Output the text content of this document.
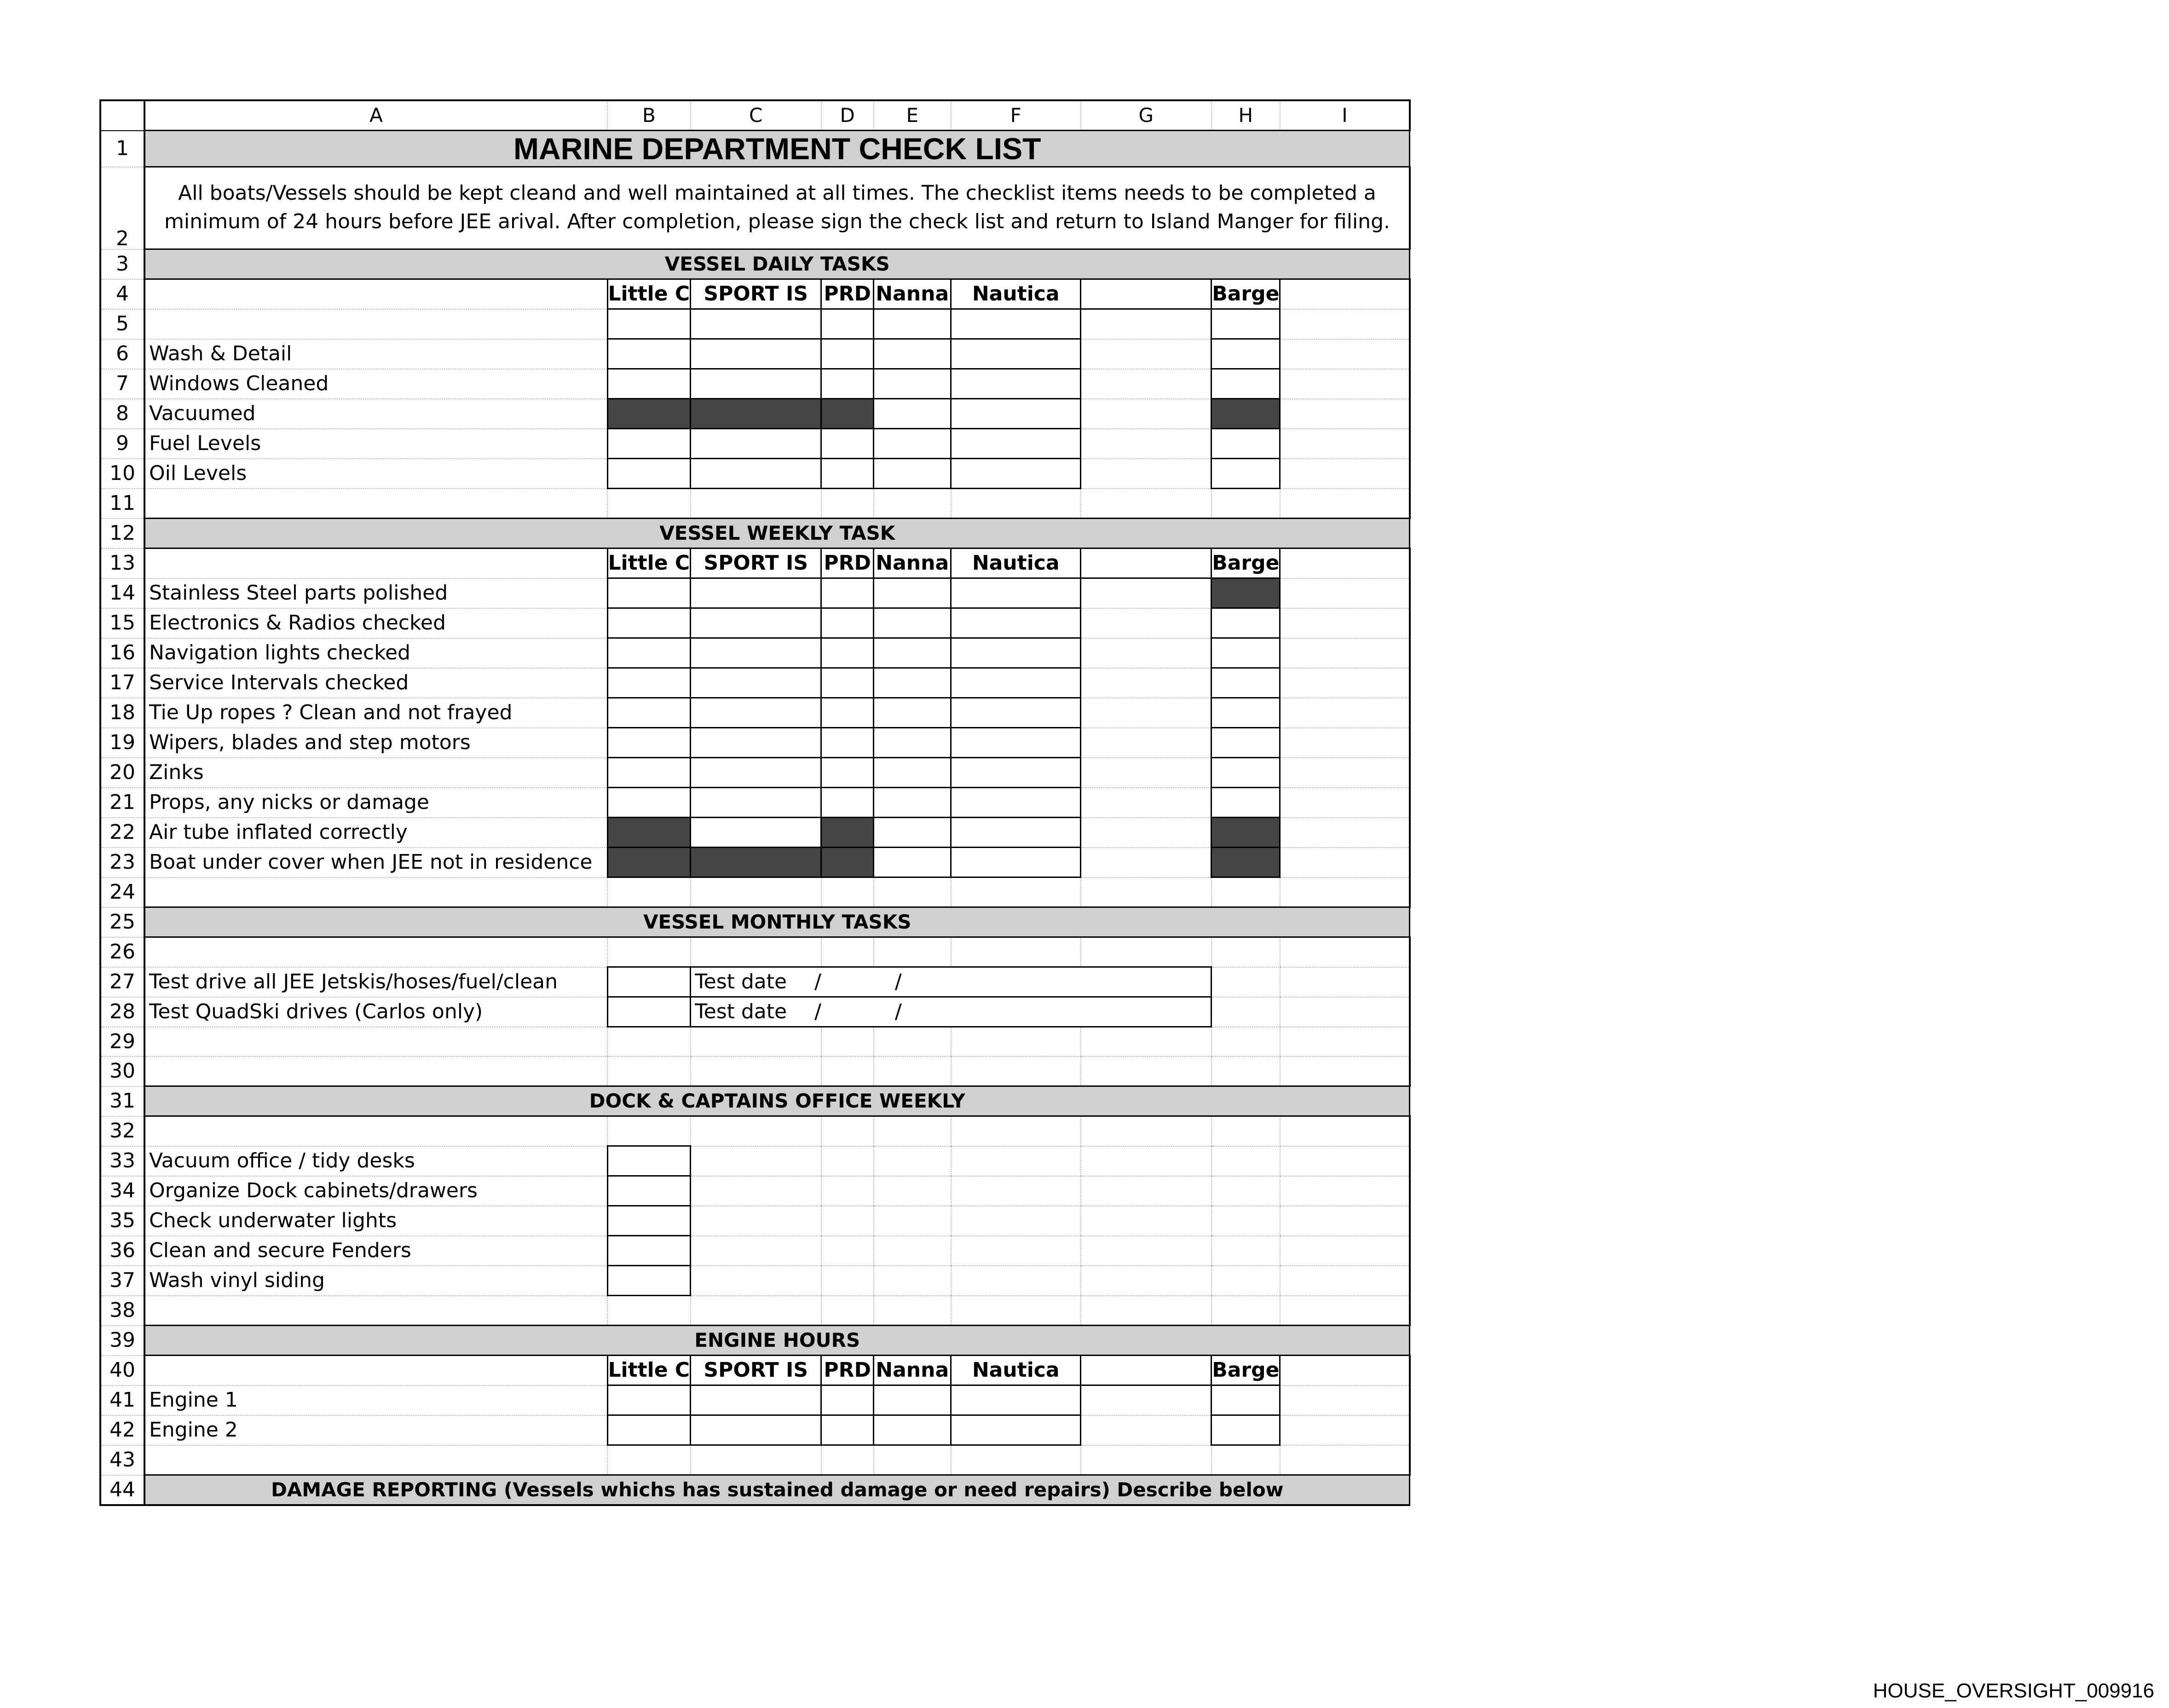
	A	B	C	D	E	F	G	H	I
1	MARINE DEPARTMENT CHECK LIST								
2	All boats/Vessels should be kept cleand and well maintained at all times. The checklist items needs to be completed a minimum of 24 hours before JEE arival. After completion, please sign the check list and return to Island Manger for filing.								
3	VESSEL DAILY TASKS								
4		Little C	SPORT IS	PRD	Nanna	Nautica		Barge	
5									
6	Wash & Detail								
7	Windows Cleaned								
8	Vacuumed								
9	Fuel Levels								
10	Oil Levels								
11									
12	VESSEL WEEKLY TASK								
13		Little C	SPORT IS	PRD	Nanna	Nautica		Barge	
14	Stainless Steel parts polished								
15	Electronics & Radios checked								
16	Navigation lights checked								
17	Service Intervals checked								
18	Tie Up ropes ? Clean and not frayed								
19	Wipers, blades and step motors								
20	Zinks								
21	Props, any nicks or damage								
22	Air tube inflated correctly								
23	Boat under cover when JEE not in residence								
24									
25	VESSEL MONTHLY TASKS								
26									
27	Test drive all JEE Jetskis/hoses/fuel/clean		Test date / /						
28	Test QuadSki drives (Carlos only)		Test date / /						
29									
30									
31	DOCK & CAPTAINS OFFICE WEEKLY								
32									
33	Vacuum office / tidy desks								
34	Organize Dock cabinets/drawers								
35	Check underwater lights								
36	Clean and secure Fenders								
37	Wash vinyl siding								
38									
39	ENGINE HOURS								
40		Little C	SPORT IS	PRD	Nanna	Nautica		Barge	
41	Engine 1								
42	Engine 2								
43									
44	DAMAGE REPORTING (Vessels whichs has sustained damage or need repairs) Describe below								
HOUSE_OVERSIGHT_009916
